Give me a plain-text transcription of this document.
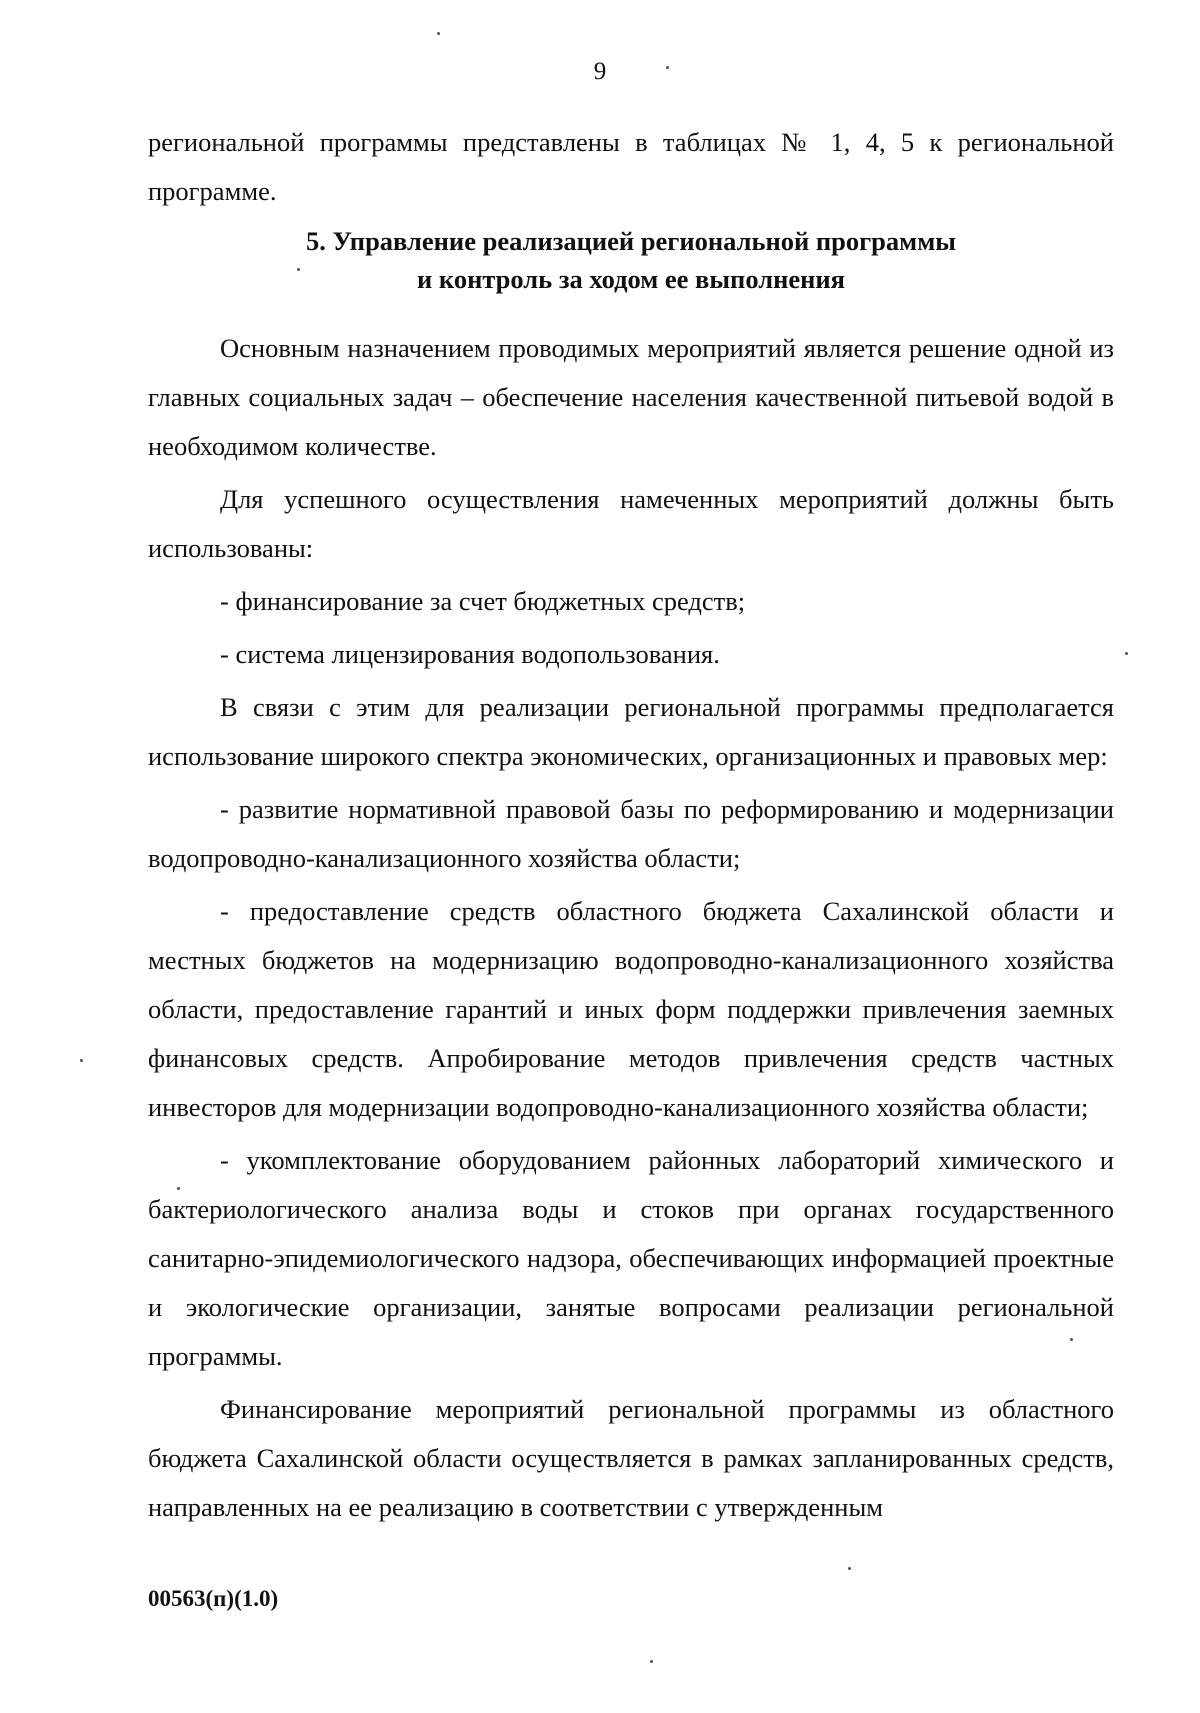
9

региональной программы представлены в таблицах № 1, 4, 5 к региональной программе.

5. Управление реализацией региональной программы
и контроль за ходом ее выполнения

Основным назначением проводимых мероприятий является решение одной из главных социальных задач – обеспечение населения качественной питьевой водой в необходимом количестве.

Для успешного осуществления намеченных мероприятий должны быть использованы:

- финансирование за счет бюджетных средств;

- система лицензирования водопользования.

В связи с этим для реализации региональной программы предполагается использование широкого спектра экономических, организационных и правовых мер:

- развитие нормативной правовой базы по реформированию и модернизации водопроводно-канализационного хозяйства области;

- предоставление средств областного бюджета Сахалинской области и местных бюджетов на модернизацию водопроводно-канализационного хозяйства области, предоставление гарантий и иных форм поддержки привлечения заемных финансовых средств. Апробирование методов привлечения средств частных инвесторов для модернизации водопроводно-канализационного хозяйства области;

- укомплектование оборудованием районных лабораторий химического и бактериологического анализа воды и стоков при органах государственного санитарно-эпидемиологического надзора, обеспечивающих информацией проектные и экологические организации, занятые вопросами реализации региональной программы.

Финансирование мероприятий региональной программы из областного бюджета Сахалинской области осуществляется в рамках запланированных средств, направленных на ее реализацию в соответствии с утвержденным

00563(п)(1.0)
